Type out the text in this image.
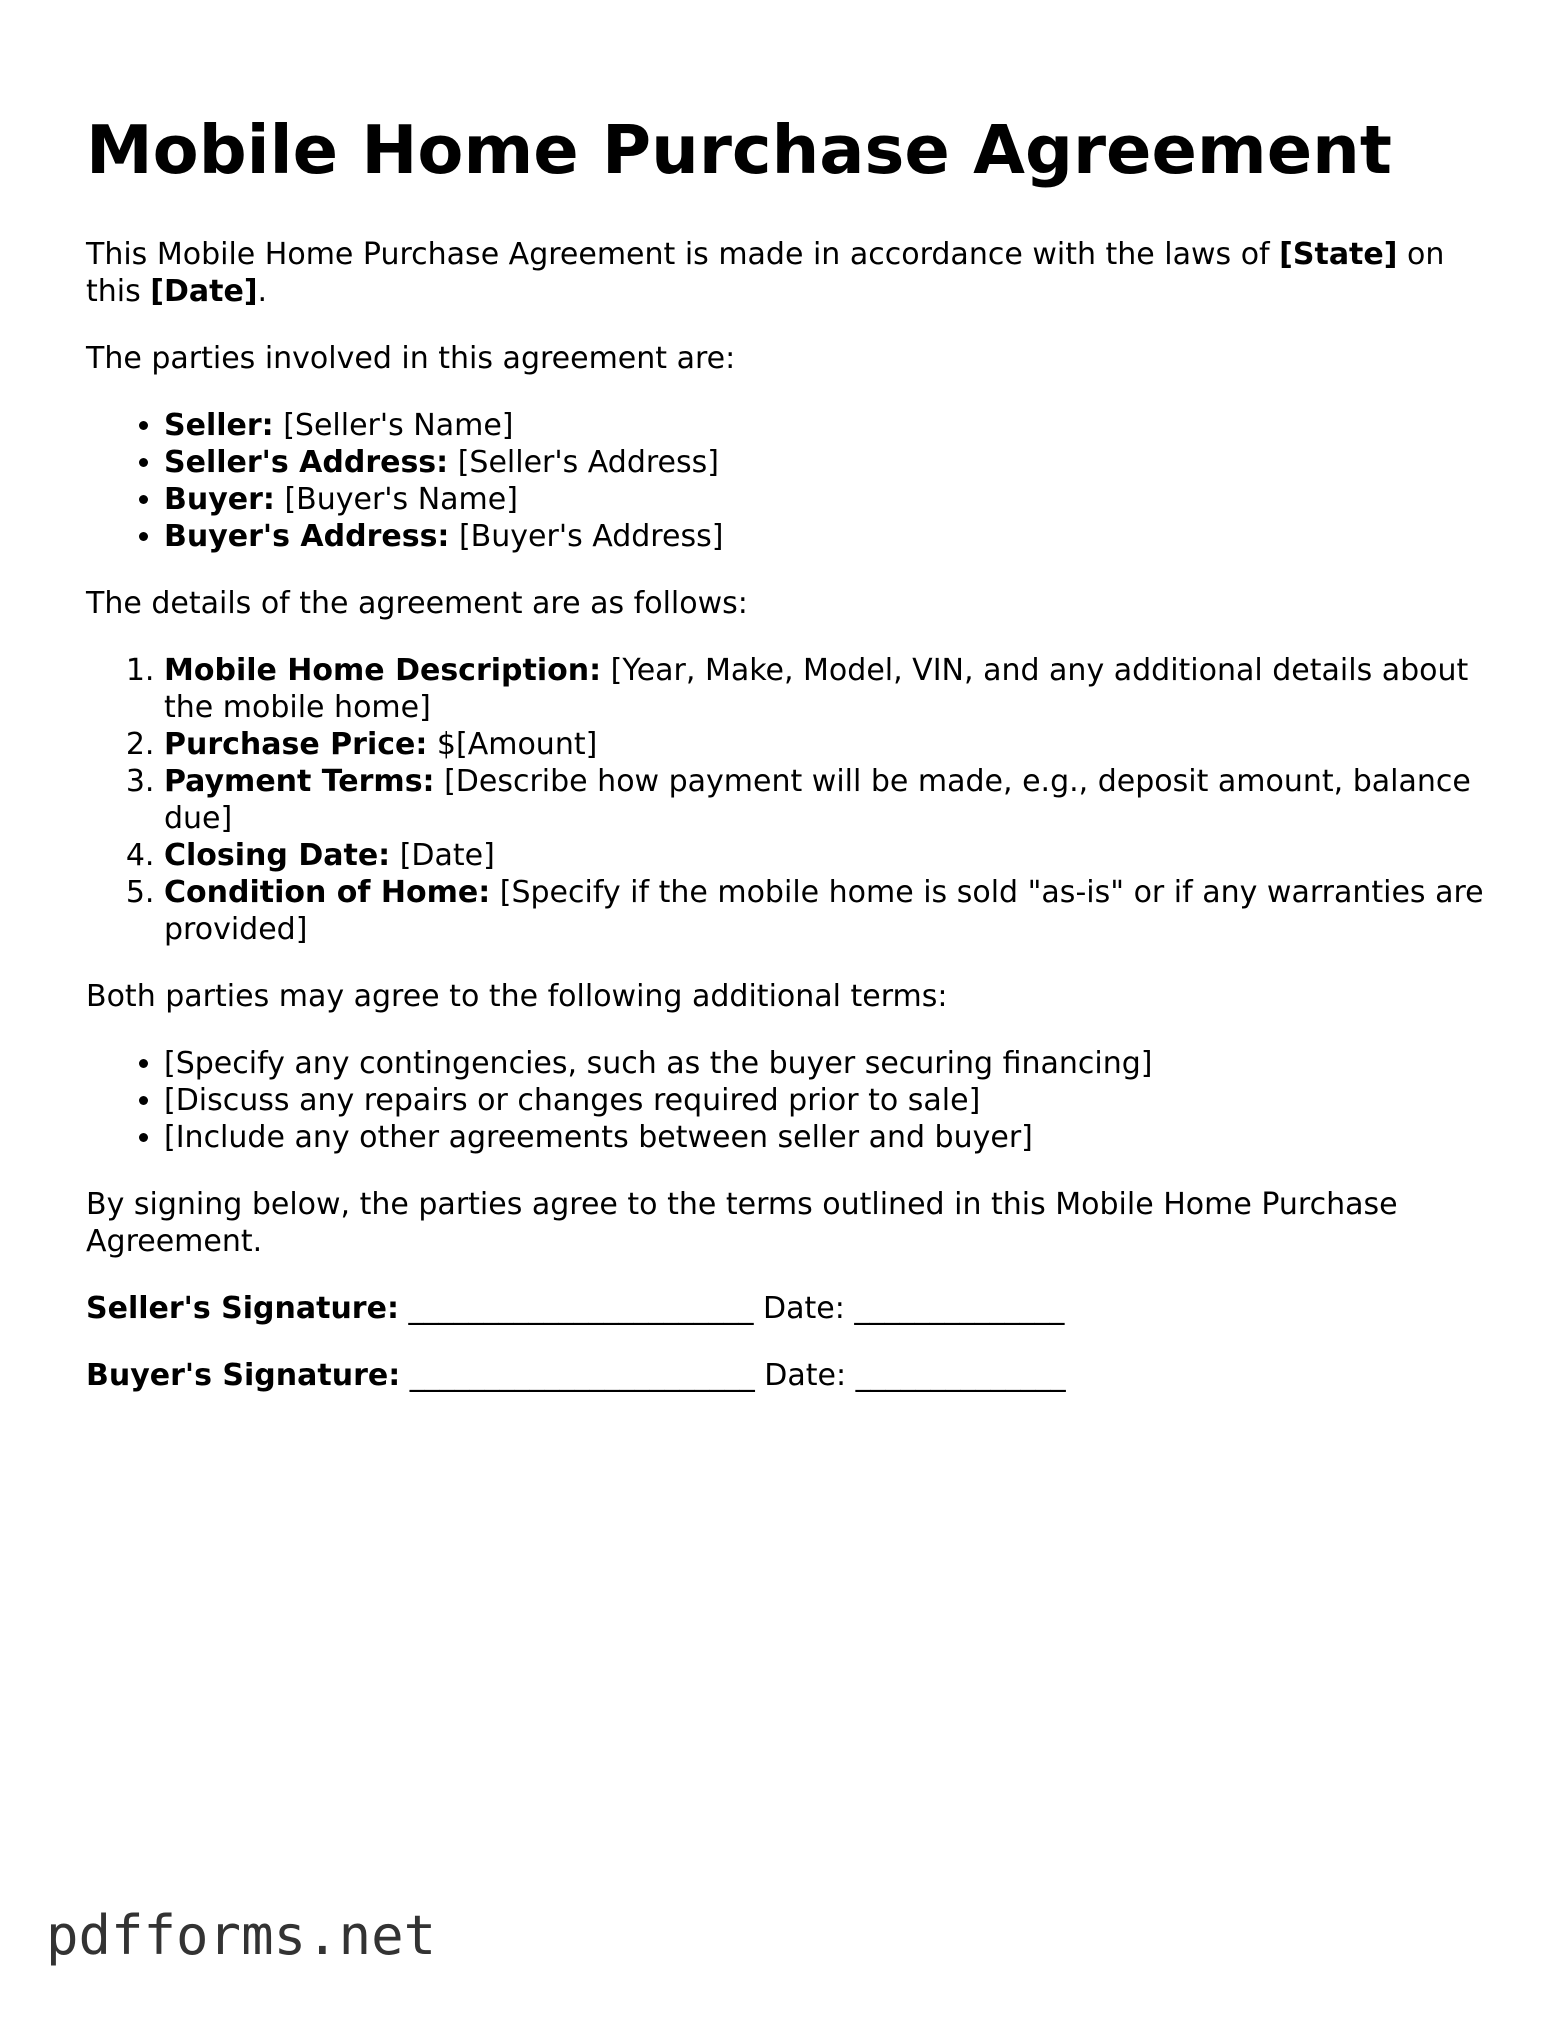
Mobile Home Purchase Agreement

This Mobile Home Purchase Agreement is made in accordance with the laws of [State] on this [Date].

The parties involved in this agreement are:

• Seller: [Seller's Name]
• Seller's Address: [Seller's Address]
• Buyer: [Buyer's Name]
• Buyer's Address: [Buyer's Address]

The details of the agreement are as follows:

1. Mobile Home Description: [Year, Make, Model, VIN, and any additional details about the mobile home]
2. Purchase Price: $[Amount]
3. Payment Terms: [Describe how payment will be made, e.g., deposit amount, balance due]
4. Closing Date: [Date]
5. Condition of Home: [Specify if the mobile home is sold "as-is" or if any warranties are provided]

Both parties may agree to the following additional terms:

• [Specify any contingencies, such as the buyer securing financing]
• [Discuss any repairs or changes required prior to sale]
• [Include any other agreements between seller and buyer]

By signing below, the parties agree to the terms outlined in this Mobile Home Purchase Agreement.

Seller's Signature: _______________________ Date: ______________
Buyer's Signature: _______________________ Date: ______________
pdfforms.net
